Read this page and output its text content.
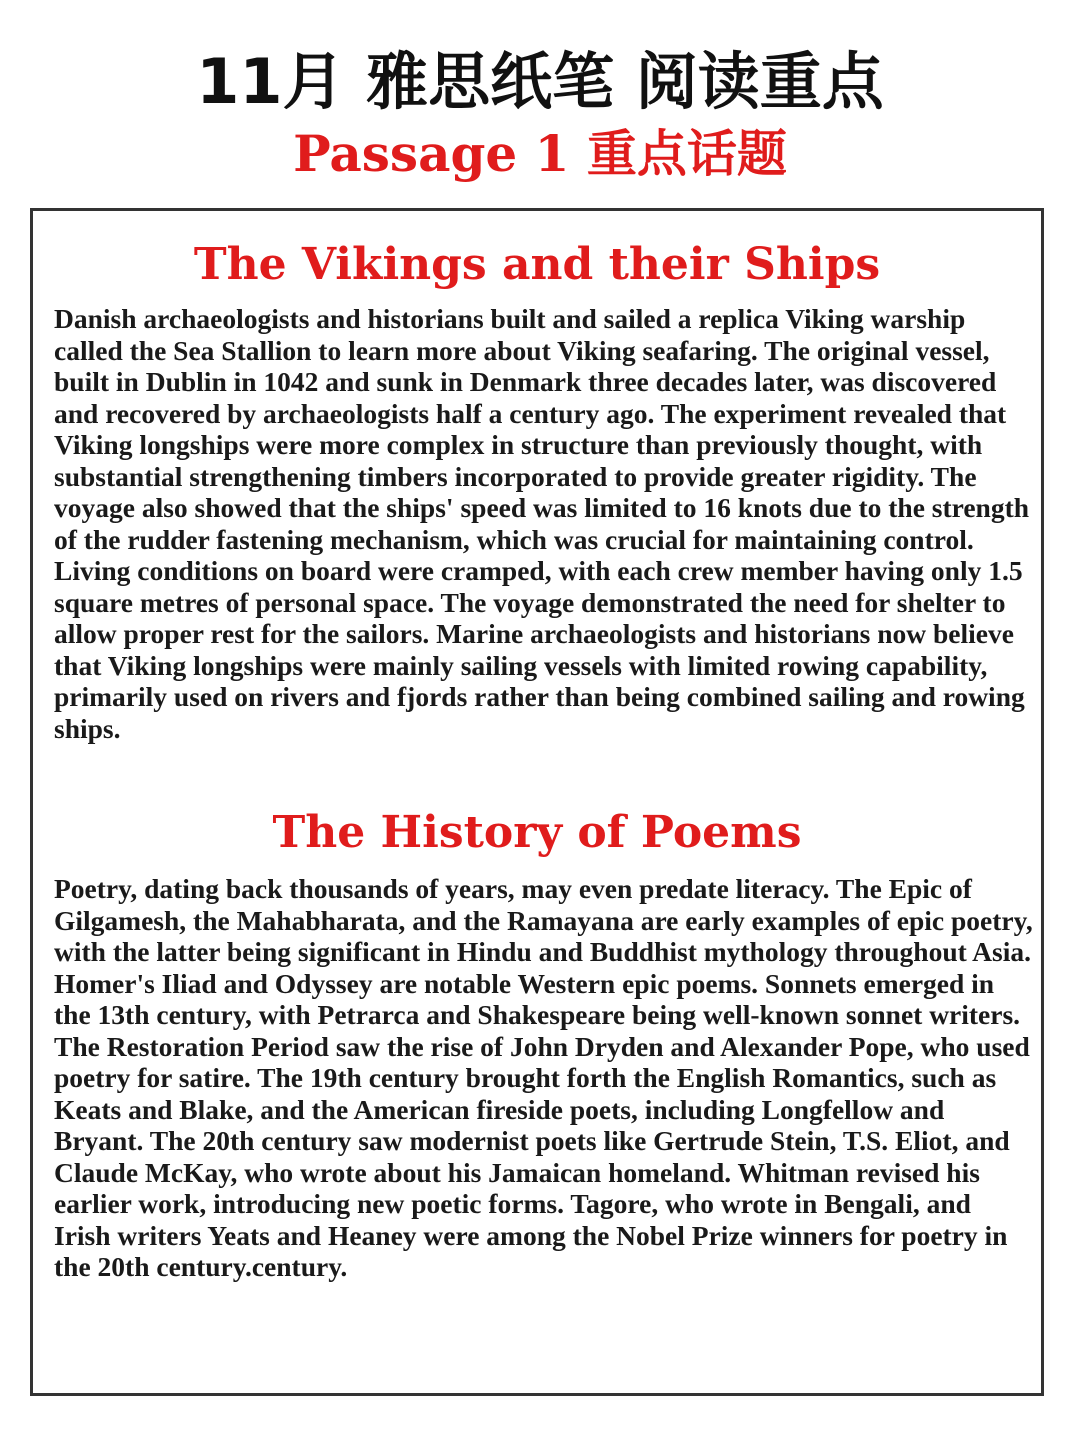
11月 雅思纸笔 阅读重点
Passage 1 重点话题
The Vikings and their Ships

Danish archaeologists and historians built and sailed a replica Viking warship called the Sea Stallion to learn more about Viking seafaring. The original vessel, built in Dublin in 1042 and sunk in Denmark three decades later, was discovered and recovered by archaeologists half a century ago. The experiment revealed that Viking longships were more complex in structure than previously thought, with substantial strengthening timbers incorporated to provide greater rigidity. The voyage also showed that the ships' speed was limited to 16 knots due to the strength of the rudder fastening mechanism, which was crucial for maintaining control. Living conditions on board were cramped, with each crew member having only 1.5 square metres of personal space. The voyage demonstrated the need for shelter to allow proper rest for the sailors. Marine archaeologists and historians now believe that Viking longships were mainly sailing vessels with limited rowing capability, primarily used on rivers and fjords rather than being combined sailing and rowing ships.

The History of Poems

Poetry, dating back thousands of years, may even predate literacy. The Epic of Gilgamesh, the Mahabharata, and the Ramayana are early examples of epic poetry, with the latter being significant in Hindu and Buddhist mythology throughout Asia. Homer's Iliad and Odyssey are notable Western epic poems. Sonnets emerged in the 13th century, with Petrarca and Shakespeare being well-known sonnet writers. The Restoration Period saw the rise of John Dryden and Alexander Pope, who used poetry for satire. The 19th century brought forth the English Romantics, such as Keats and Blake, and the American fireside poets, including Longfellow and Bryant. The 20th century saw modernist poets like Gertrude Stein, T.S. Eliot, and Claude McKay, who wrote about his Jamaican homeland. Whitman revised his earlier work, introducing new poetic forms. Tagore, who wrote in Bengali, and Irish writers Yeats and Heaney were among the Nobel Prize winners for poetry in the 20th century.century.
